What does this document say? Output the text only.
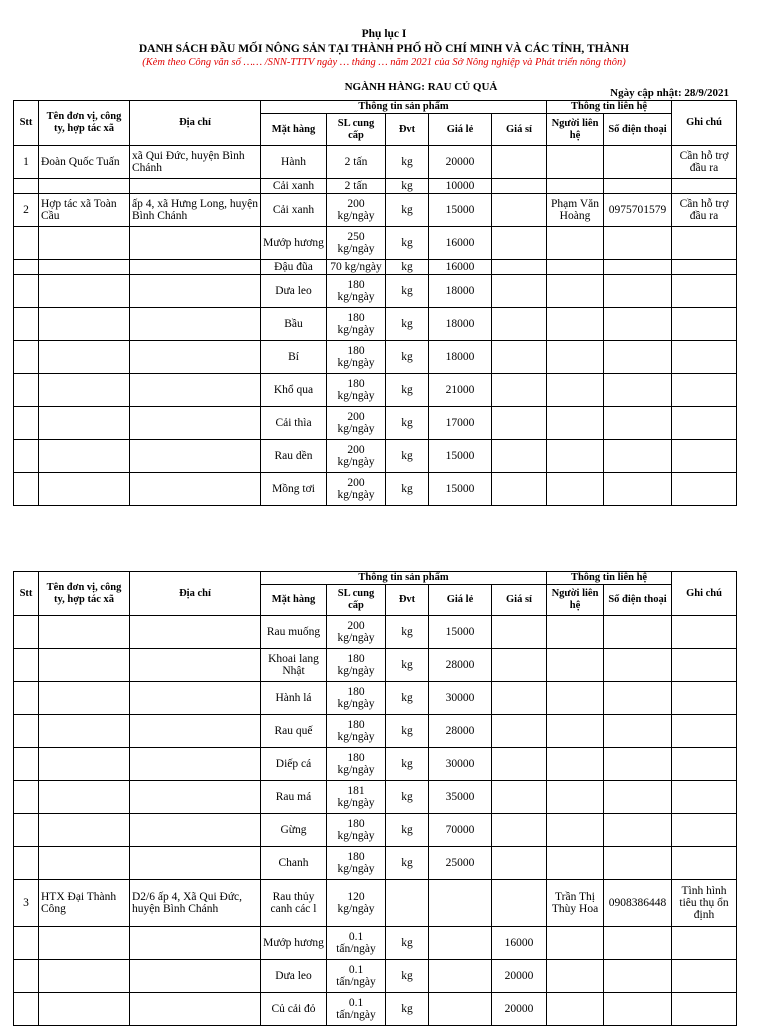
Phụ lục I
DANH SÁCH ĐẦU MỐI NÔNG SẢN TẠI THÀNH PHỐ HỒ CHÍ MINH VÀ CÁC TỈNH, THÀNH
(Kèm theo Công văn số …… /SNN-TTTV ngày … tháng … năm 2021 của Sở Nông nghiệp và Phát triển nông thôn)
NGÀNH HÀNG: RAU CỦ QUẢ	Ngày cập nhật: 28/9/2021
Stt	Tên đơn vị, công ty, hợp tác xã	Địa chỉ	Thông tin sản phẩm					Thông tin liên hệ		Ghi chú
			Mặt hàng	SL cung cấp	Đvt	Giá lẻ	Giá sỉ	Người liên hệ	Số điện thoại	
1	Đoàn Quốc Tuấn	xã Qui Đức, huyện Bình Chánh	Hành	2 tấn	kg	20000				Cần hỗ trợ đầu ra
			Cải xanh	2 tấn	kg	10000				
2	Hợp tác xã Toàn Cầu	ấp 4, xã Hưng Long, huyện Bình Chánh	Cải xanh	200 kg/ngày	kg	15000		Phạm Văn Hoàng	0975701579	Cần hỗ trợ đầu ra
			Mướp hương	250 kg/ngày	kg	16000				
			Đậu đũa	70 kg/ngày	kg	16000				
			Dưa leo	180 kg/ngày	kg	18000				
			Bầu	180 kg/ngày	kg	18000				
			Bí	180 kg/ngày	kg	18000				
			Khổ qua	180 kg/ngày	kg	21000				
			Cải thìa	200 kg/ngày	kg	17000				
			Rau dền	200 kg/ngày	kg	15000				
			Mồng tơi	200 kg/ngày	kg	15000				
Stt	Tên đơn vị, công ty, hợp tác xã	Địa chỉ	Thông tin sản phẩm					Thông tin liên hệ		Ghi chú
			Mặt hàng	SL cung cấp	Đvt	Giá lẻ	Giá sỉ	Người liên hệ	Số điện thoại	
			Rau muống	200 kg/ngày	kg	15000				
			Khoai lang Nhật	180 kg/ngày	kg	28000				
			Hành lá	180 kg/ngày	kg	30000				
			Rau quế	180 kg/ngày	kg	28000				
			Diếp cá	180 kg/ngày	kg	30000				
			Rau má	181 kg/ngày	kg	35000				
			Gừng	180 kg/ngày	kg	70000				
			Chanh	180 kg/ngày	kg	25000				
3	HTX Đại Thành Công	D2/6 ấp 4, Xã Qui Đức, huyện Bình Chánh	Rau thủy canh các l	120 kg/ngày				Trần Thị Thùy Hoa	0908386448	Tình hình tiêu thụ ổn định
			Mướp hương	0.1 tấn/ngày	kg		16000			
			Dưa leo	0.1 tấn/ngày	kg		20000			
			Củ cải đỏ	0.1 tấn/ngày	kg		20000			
